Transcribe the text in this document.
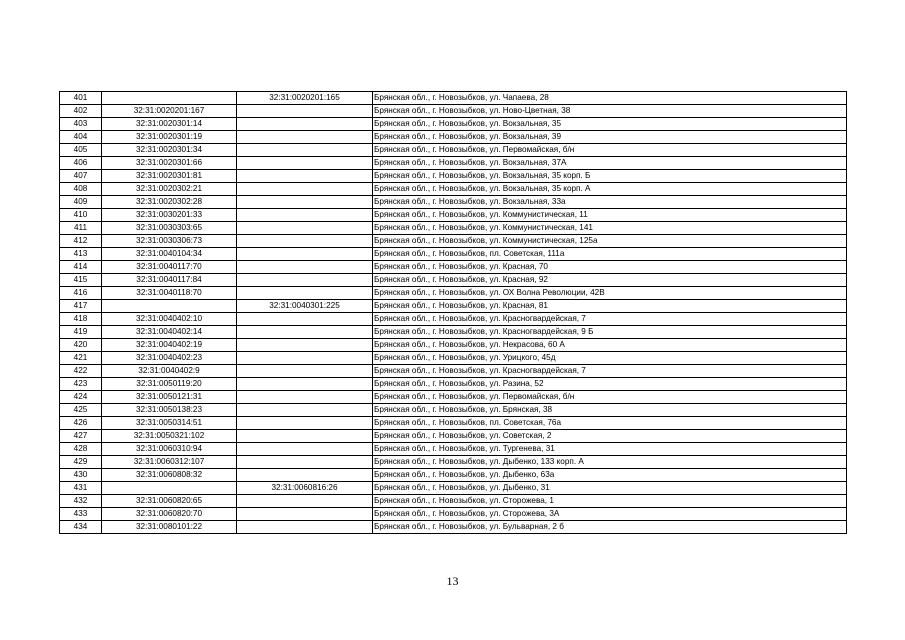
401		32:31:0020201:165	Брянская обл., г. Новозыбков, ул. Чапаева, 28
402	32:31:0020201:167		Брянская обл., г. Новозыбков, ул. Ново-Цветная, 38
403	32:31:0020301:14		Брянская обл., г. Новозыбков, ул. Вокзальная, 35
404	32:31:0020301:19		Брянская обл., г. Новозыбков, ул. Вокзальная, 39
405	32:31:0020301:34		Брянская обл., г. Новозыбков, ул. Первомайская, б/н
406	32:31:0020301:66		Брянская обл., г. Новозыбков, ул. Вокзальная, 37А
407	32:31:0020301:81		Брянская обл., г. Новозыбков, ул. Вокзальная, 35 корп. Б
408	32:31:0020302:21		Брянская обл., г. Новозыбков, ул. Вокзальная, 35 корп. А
409	32:31:0020302:28		Брянская обл., г. Новозыбков, ул. Вокзальная, 33а
410	32:31:0030201:33		Брянская обл., г. Новозыбков, ул. Коммунистическая, 11
411	32:31:0030303:65		Брянская обл., г. Новозыбков, ул. Коммунистическая, 141
412	32:31:0030306:73		Брянская обл., г. Новозыбков, ул. Коммунистическая, 125а
413	32:31:0040104:34		Брянская обл., г. Новозыбков, пл. Советская, 111а
414	32:31:0040117:70		Брянская обл., г. Новозыбков, ул. Красная, 70
415	32:31:0040117:84		Брянская обл., г. Новозыбков, ул. Красная, 92
416	32:31:0040118:70		Брянская обл., г. Новозыбков, ул. ОХ Волна Революции, 42В
417		32:31:0040301:225	Брянская обл., г. Новозыбков, ул. Красная, 81
418	32:31:0040402:10		Брянская обл., г. Новозыбков, ул. Красногвардейская, 7
419	32:31:0040402:14		Брянская обл., г. Новозыбков, ул. Красногвардейская, 9 Б
420	32:31:0040402:19		Брянская обл., г. Новозыбков, ул. Некрасова, 60 А
421	32:31:0040402:23		Брянская обл., г. Новозыбков, ул. Урицкого, 45д
422	32:31:0040402:9		Брянская обл., г. Новозыбков, ул. Красногвардейская, 7
423	32:31:0050119:20		Брянская обл., г. Новозыбков, ул. Разина, 52
424	32:31:0050121:31		Брянская обл., г. Новозыбков, ул. Первомайская, б/н
425	32:31:0050138:23		Брянская обл., г. Новозыбков, ул. Брянская, 38
426	32:31:0050314:51		Брянская обл., г. Новозыбков, пл. Советская, 76а
427	32:31:0050321:102		Брянская обл., г. Новозыбков, ул. Советская, 2
428	32:31:0060310:94		Брянская обл., г. Новозыбков, ул. Тургенева, 31
429	32:31:0060312:107		Брянская обл., г. Новозыбков, ул. Дыбенко, 133 корп. А
430	32:31:0060808:32		Брянская обл., г. Новозыбков, ул. Дыбенко, 63а
431		32:31:0060816:26	Брянская обл., г. Новозыбков, ул. Дыбенко, 31
432	32:31:0060820:65		Брянская обл., г. Новозыбков, ул. Сторожева, 1
433	32:31:0060820:70		Брянская обл., г. Новозыбков, ул. Сторожева, 3А
434	32:31:0080101:22		Брянская обл., г. Новозыбков, ул. Бульварная, 2 б
13
